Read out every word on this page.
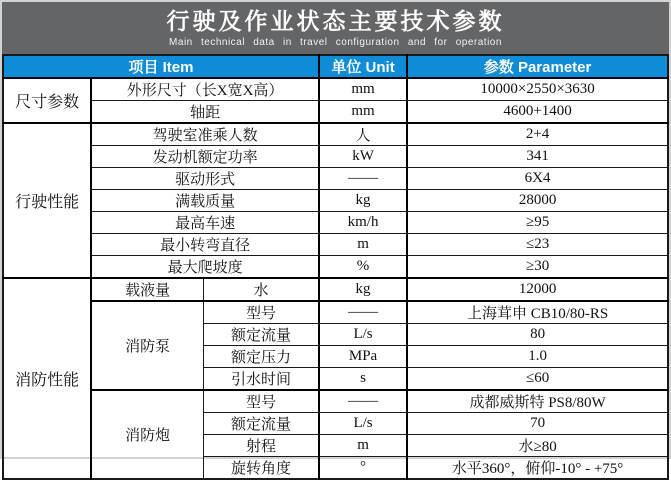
行驶及作业状态主要技术参数
Main technical data in travel configuration and for operation
项目 Item			单位 Unit	参数 Parameter
尺寸参数	外形尺寸（长X宽X高）		mm	10000×2550×3630
	轴距		mm	4600+1400
行驶性能	驾驶室准乘人数		人	2+4
	发动机额定功率		kW	341
	驱动形式		——	6X4
	满载质量		kg	28000
	最高车速		km/h	≥95
	最小转弯直径		m	≤23
	最大爬坡度		%	≥30
消防性能	载液量	水	kg	12000
	消防泵	型号	——	上海茸申 CB10/80-RS
		额定流量	L/s	80
		额定压力	MPa	1.0
		引水时间	s	≤60
	消防炮	型号	——	成都威斯特 PS8/80W
		额定流量	L/s	70
		射程	m	水≥80
		旋转角度	°	水平360°，俯仰-10° - +75°
